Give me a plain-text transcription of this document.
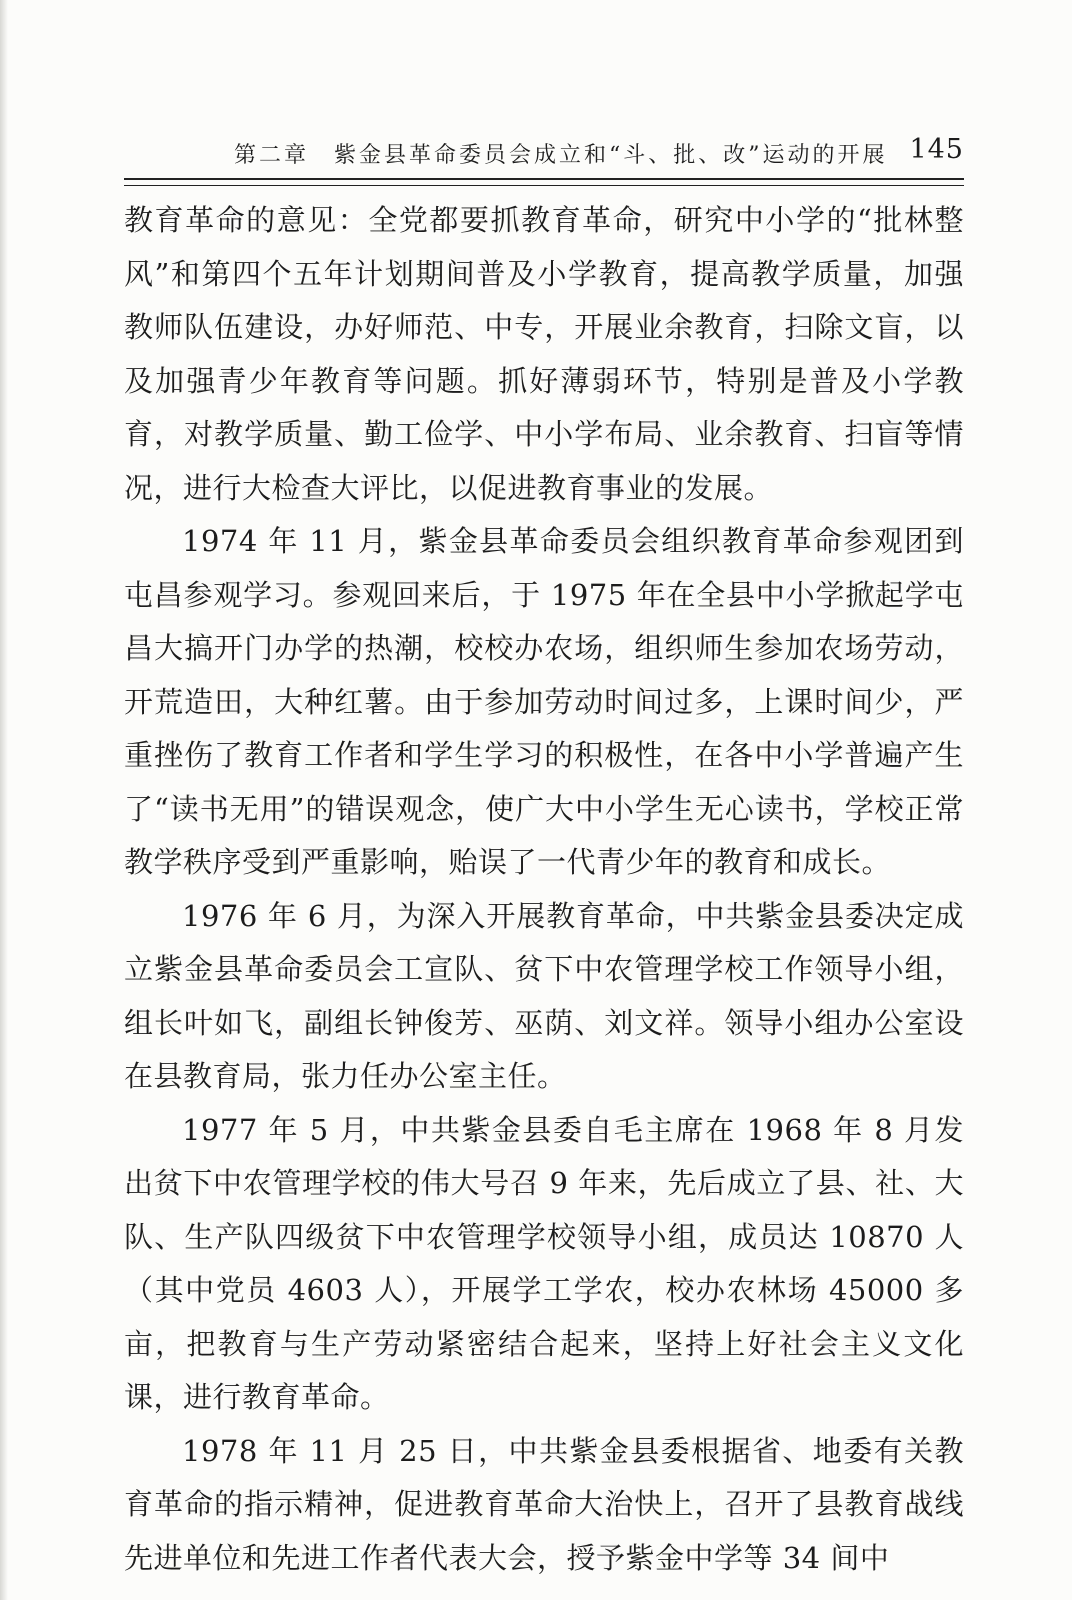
第二章　紫金县革命委员会成立和“斗、批、改”运动的开展 145

教育革命的意见：全党都要抓教育革命，研究中小学的“批林整风”和第四个五年计划期间普及小学教育，提高教学质量，加强教师队伍建设，办好师范、中专，开展业余教育，扫除文盲，以及加强青少年教育等问题。抓好薄弱环节，特别是普及小学教育，对教学质量、勤工俭学、中小学布局、业余教育、扫盲等情况，进行大检查大评比，以促进教育事业的发展。

1974 年 11 月，紫金县革命委员会组织教育革命参观团到屯昌参观学习。参观回来后，于 1975 年在全县中小学掀起学屯昌大搞开门办学的热潮，校校办农场，组织师生参加农场劳动，开荒造田，大种红薯。由于参加劳动时间过多，上课时间少，严重挫伤了教育工作者和学生学习的积极性，在各中小学普遍产生了“读书无用”的错误观念，使广大中小学生无心读书，学校正常教学秩序受到严重影响，贻误了一代青少年的教育和成长。

1976 年 6 月，为深入开展教育革命，中共紫金县委决定成立紫金县革命委员会工宣队、贫下中农管理学校工作领导小组，组长叶如飞，副组长钟俊芳、巫荫、刘文祥。领导小组办公室设在县教育局，张力任办公室主任。

1977 年 5 月，中共紫金县委自毛主席在 1968 年 8 月发出贫下中农管理学校的伟大号召 9 年来，先后成立了县、社、大队、生产队四级贫下中农管理学校领导小组，成员达 10870 人（其中党员 4603 人），开展学工学农，校办农林场 45000 多亩，把教育与生产劳动紧密结合起来，坚持上好社会主义文化课，进行教育革命。

1978 年 11 月 25 日，中共紫金县委根据省、地委有关教育革命的指示精神，促进教育革命大治快上，召开了县教育战线先进单位和先进工作者代表大会，授予紫金中学等 34 间中
